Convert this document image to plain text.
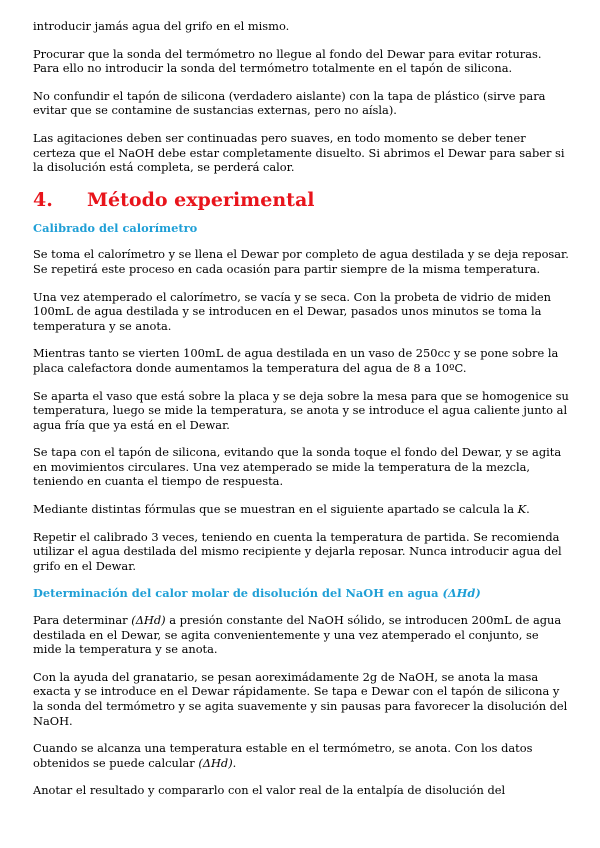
introducir jamás agua del grifo en el mismo.

Procurar que la sonda del termómetro no llegue al fondo del Dewar para evitar roturas. Para ello no introducir la sonda del termómetro totalmente en el tapón de silicona.

No confundir el tapón de silicona (verdadero aislante) con la tapa de plástico (sirve para evitar que se contamine de sustancias externas, pero no aísla).

Las agitaciones deben ser continuadas pero suaves, en todo momento se deber tener certeza que el NaOH debe estar completamente disuelto. Si abrimos el Dewar para saber si la disolución está completa, se perderá calor.

4. Método experimental
Calibrado del calorímetro

Se toma el calorímetro y se llena el Dewar por completo de agua destilada y se deja reposar. Se repetirá este proceso en cada ocasión para partir siempre de la misma temperatura.

Una vez atemperado el calorímetro, se vacía y se seca. Con la probeta de vidrio de miden 100mL de agua destilada y se introducen en el Dewar, pasados unos minutos se toma la temperatura y se anota.

Mientras tanto se vierten 100mL de agua destilada en un vaso de 250cc y se pone sobre la placa calefactora donde aumentamos la temperatura del agua de 8 a 10ºC.

Se aparta el vaso que está sobre la placa y se deja sobre la mesa para que se homogenice su temperatura, luego se mide la temperatura, se anota y se introduce el agua caliente junto al agua fría que ya está en el Dewar.

Se tapa con el tapón de silicona, evitando que la sonda toque el fondo del Dewar, y se agita en movimientos circulares. Una vez atemperado se mide la temperatura de la mezcla, teniendo en cuanta el tiempo de respuesta.

Mediante distintas fórmulas que se muestran en el siguiente apartado se calcula la K.

Repetir el calibrado 3 veces, teniendo en cuenta la temperatura de partida. Se recomienda utilizar el agua destilada del mismo recipiente y dejarla reposar. Nunca introducir agua del grifo en el Dewar.

Determinación del calor molar de disolución del NaOH en agua (ΔHd)

Para determinar (ΔHd) a presión constante del NaOH sólido, se introducen 200mL de agua destilada en el Dewar, se agita convenientemente y una vez atemperado el conjunto, se mide la temperatura y se anota.

Con la ayuda del granatario, se pesan aoreximádamente 2g de NaOH, se anota la masa exacta y se introduce en el Dewar rápidamente. Se tapa e Dewar con el tapón de silicona y la sonda del termómetro y se agita suavemente y sin pausas para favorecer la disolución del NaOH.

Cuando se alcanza una temperatura estable en el termómetro, se anota. Con los datos obtenidos se puede calcular (ΔHd).

Anotar el resultado y compararlo con el valor real de la entalpía de disolución del
